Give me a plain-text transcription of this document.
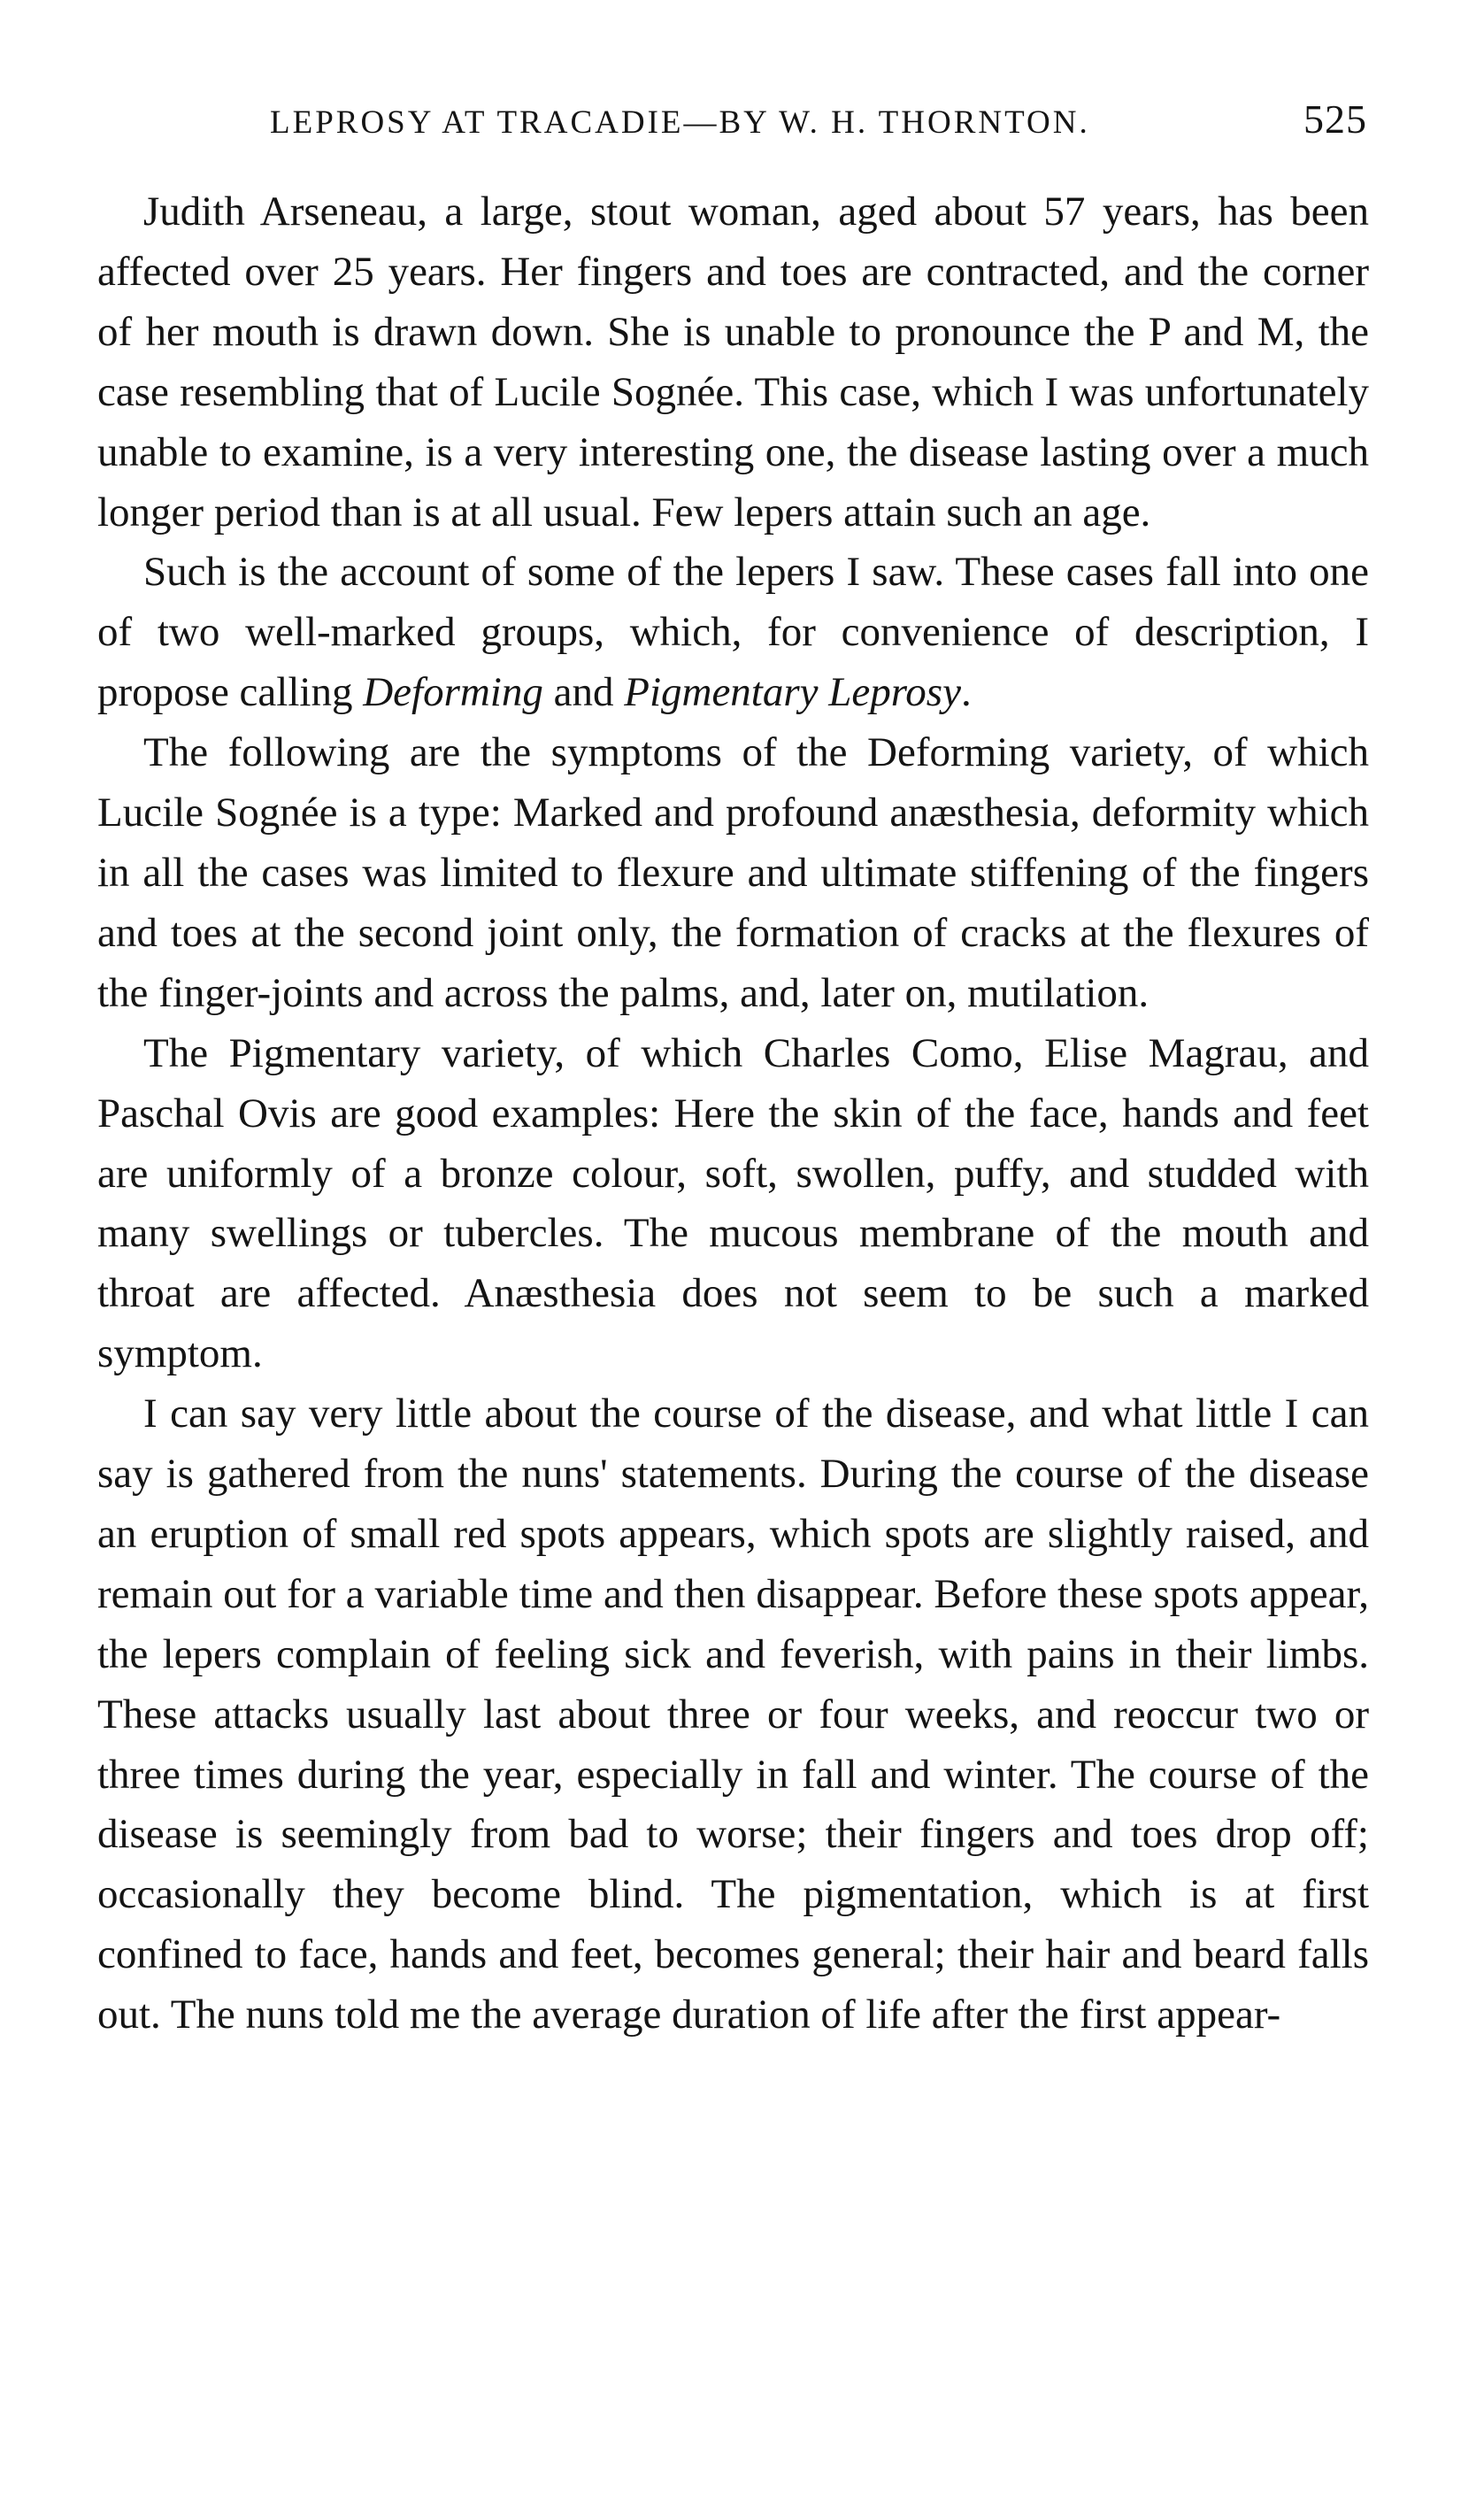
LEPROSY AT TRACADIE—BY W. H. THORNTON.	525

Judith Arseneau, a large, stout woman, aged about 57 years, has been affected over 25 years. Her fingers and toes are contracted, and the corner of her mouth is drawn down. She is unable to pronounce the P and M, the case resembling that of Lucile Sognée. This case, which I was unfortunately unable to examine, is a very interesting one, the disease lasting over a much longer period than is at all usual. Few lepers attain such an age.

Such is the account of some of the lepers I saw. These cases fall into one of two well-marked groups, which, for convenience of description, I propose calling Deforming and Pigmentary Leprosy.

The following are the symptoms of the Deforming variety, of which Lucile Sognée is a type: Marked and profound anæsthesia, deformity which in all the cases was limited to flexure and ultimate stiffening of the fingers and toes at the second joint only, the formation of cracks at the flexures of the finger-joints and across the palms, and, later on, mutilation.

The Pigmentary variety, of which Charles Como, Elise Magrau, and Paschal Ovis are good examples: Here the skin of the face, hands and feet are uniformly of a bronze colour, soft, swollen, puffy, and studded with many swellings or tubercles. The mucous membrane of the mouth and throat are affected. Anæsthesia does not seem to be such a marked symptom.

I can say very little about the course of the disease, and what little I can say is gathered from the nuns' statements. During the course of the disease an eruption of small red spots appears, which spots are slightly raised, and remain out for a variable time and then disappear. Before these spots appear, the lepers complain of feeling sick and feverish, with pains in their limbs. These attacks usually last about three or four weeks, and reoccur two or three times during the year, especially in fall and winter. The course of the disease is seemingly from bad to worse; their fingers and toes drop off; occasionally they become blind. The pigmentation, which is at first confined to face, hands and feet, becomes general; their hair and beard falls out. The nuns told me the average duration of life after the first appear-
